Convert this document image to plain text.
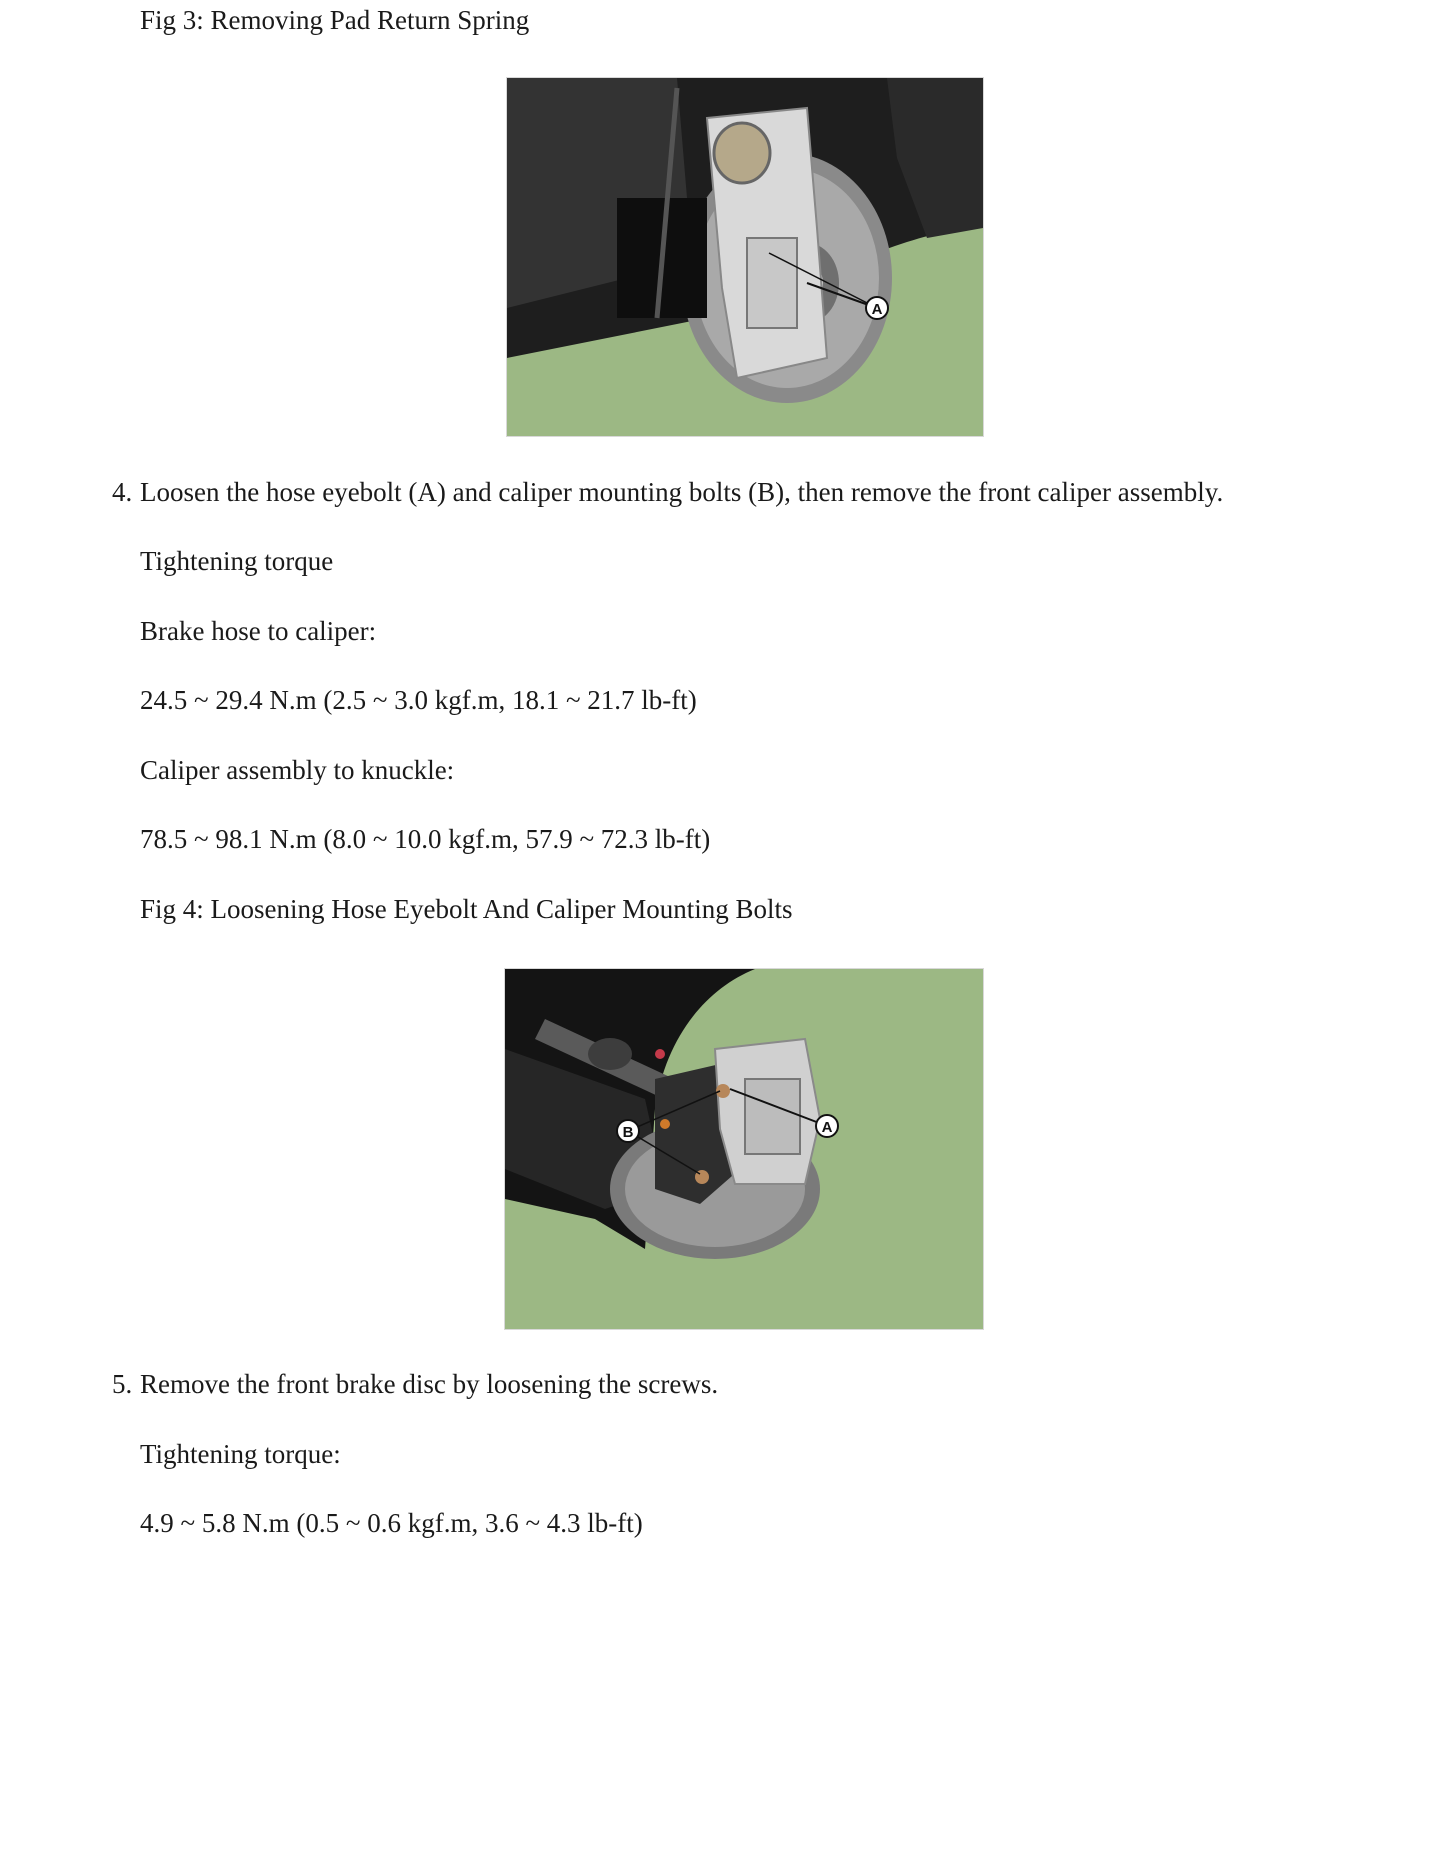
Fig 3: Removing Pad Return Spring
A
4. Loosen the hose eyebolt (A) and caliper mounting bolts (B), then remove the front caliper assembly.
Tightening torque
Brake hose to caliper:
24.5 ~ 29.4 N.m (2.5 ~ 3.0 kgf.m, 18.1 ~ 21.7 lb-ft)
Caliper assembly to knuckle:
78.5 ~ 98.1 N.m (8.0 ~ 10.0 kgf.m, 57.9 ~ 72.3 lb-ft)
Fig 4: Loosening Hose Eyebolt And Caliper Mounting Bolts
A
B
5. Remove the front brake disc by loosening the screws.
Tightening torque:
4.9 ~ 5.8 N.m (0.5 ~ 0.6 kgf.m, 3.6 ~ 4.3 lb-ft)
